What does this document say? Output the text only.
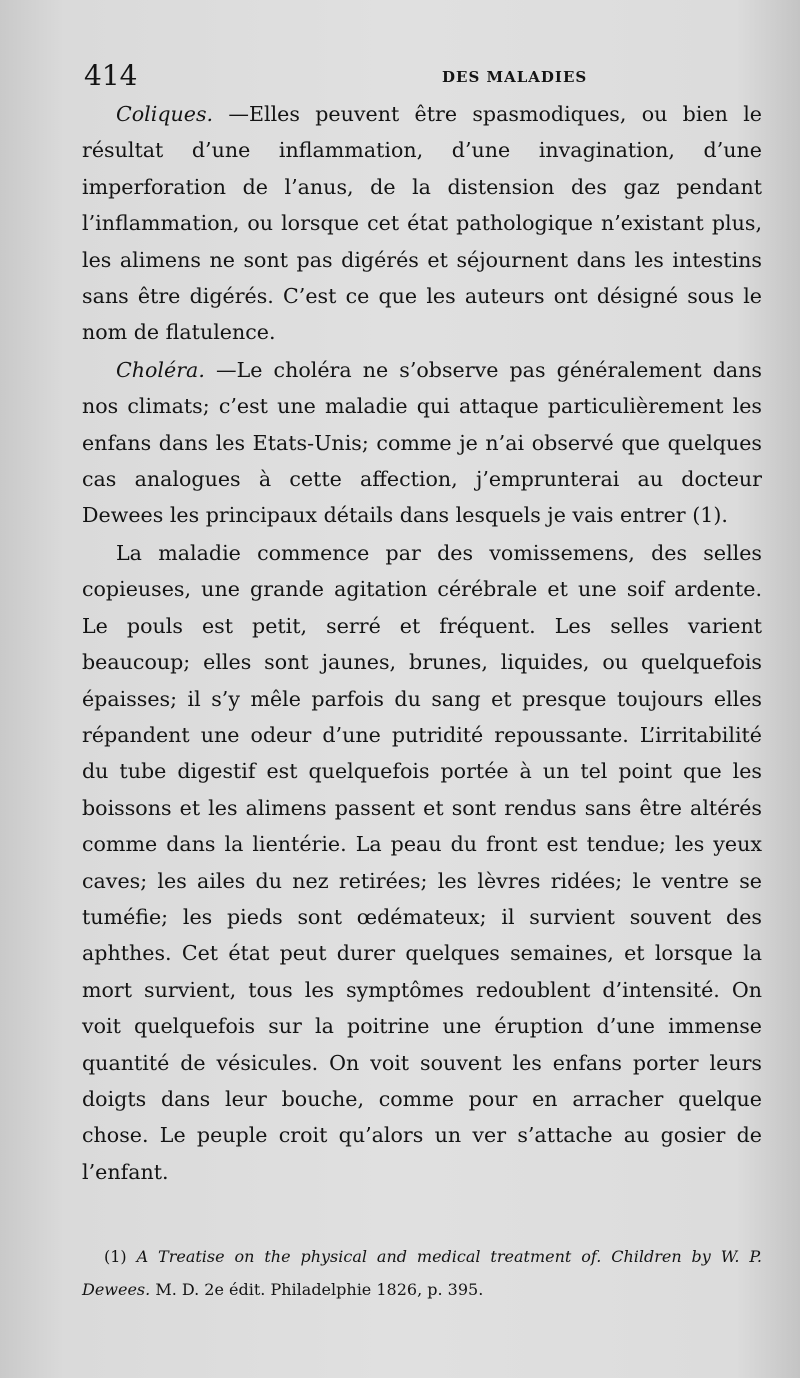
414	DES MALADIES

Coliques. —Elles peuvent être spasmodiques, ou bien le résultat d’une inflammation, d’une invagination, d’une imperforation de l’anus, de la distension des gaz pendant l’inflammation, ou lorsque cet état pathologique n’existant plus, les alimens ne sont pas digérés et séjournent dans les intestins sans être digérés. C’est ce que les auteurs ont désigné sous le nom de flatulence.

Choléra. —Le choléra ne s’observe pas généralement dans nos climats; c’est une maladie qui attaque particulièrement les enfans dans les Etats-Unis; comme je n’ai observé que quelques cas analogues à cette affection, j’emprunterai au docteur Dewees les principaux détails dans lesquels je vais entrer (1).

La maladie commence par des vomissemens, des selles copieuses, une grande agitation cérébrale et une soif ardente. Le pouls est petit, serré et fréquent. Les selles varient beaucoup; elles sont jaunes, brunes, liquides, ou quelquefois épaisses; il s’y mêle parfois du sang et presque toujours elles répandent une odeur d’une putridité repoussante. L’irritabilité du tube digestif est quelquefois portée à un tel point que les boissons et les alimens passent et sont rendus sans être altérés comme dans la lientérie. La peau du front est tendue; les yeux caves; les ailes du nez retirées; les lèvres ridées; le ventre se tuméfie; les pieds sont œdémateux; il survient souvent des aphthes. Cet état peut durer quelques semaines, et lorsque la mort survient, tous les symptômes redoublent d’intensité. On voit quelquefois sur la poitrine une éruption d’une immense quantité de vésicules. On voit souvent les enfans porter leurs doigts dans leur bouche, comme pour en arracher quelque chose. Le peuple croit qu’alors un ver s’attache au gosier de l’enfant.

(1) A Treatise on the physical and medical treatment of. Children by W. P. Dewees. M. D. 2e édit. Philadelphie 1826, p. 395.
